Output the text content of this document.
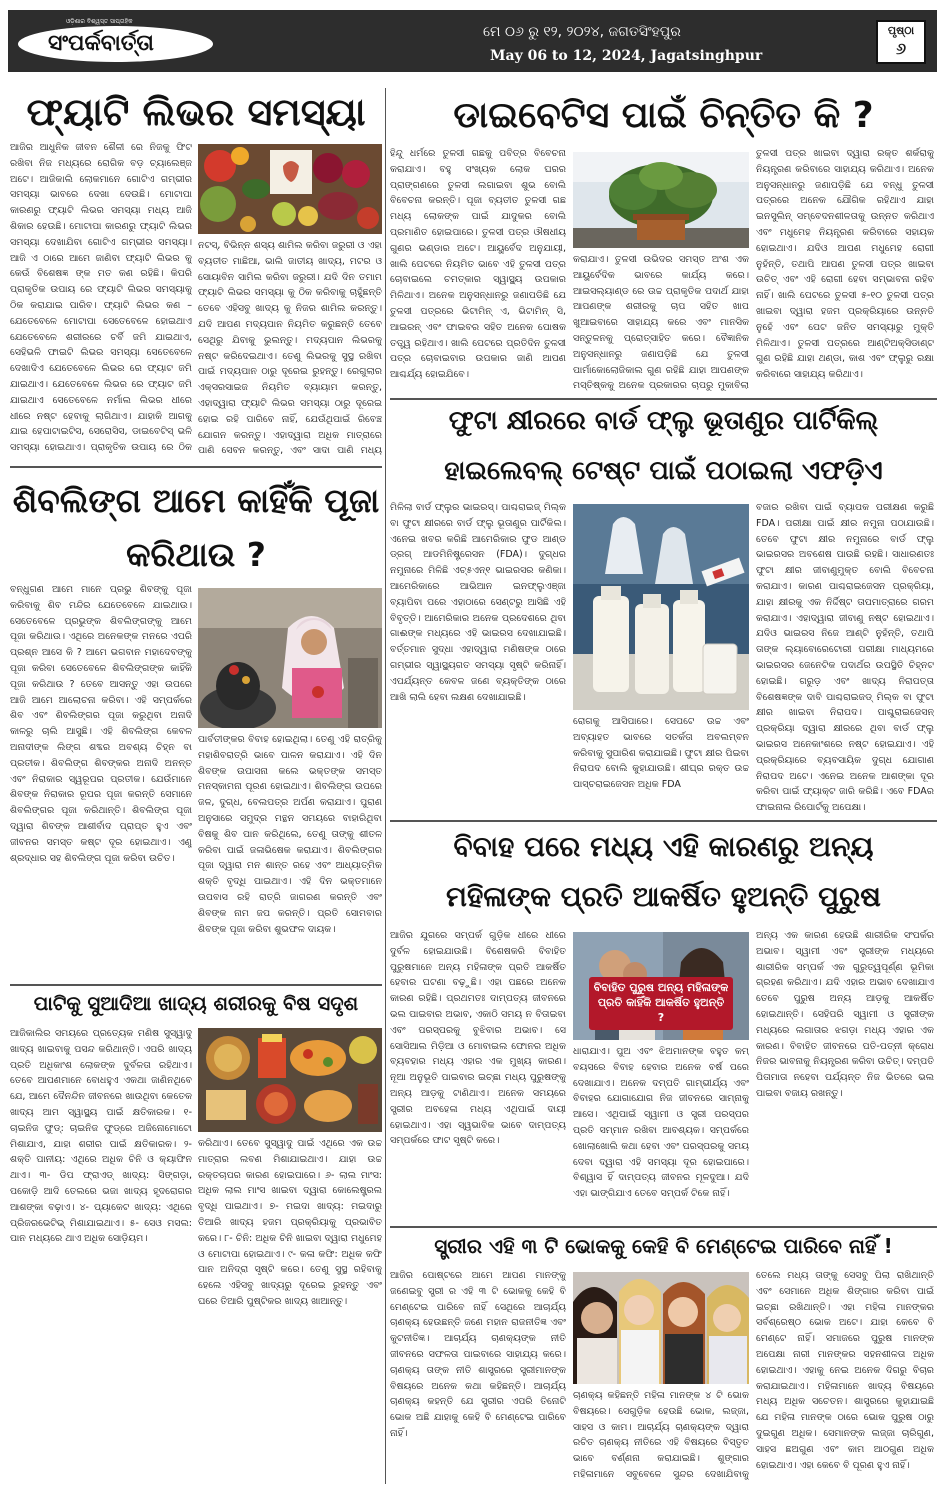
ଓଡ଼ିଶାର ବିଶ୍ୱସ୍ତ ସାପ୍ତାହିକ
ସଂପର୍କବାର୍ତ୍ତା	ମେ ୦୬ ରୁ ୧୨, ୨୦୨୪, ଜଗତସିଂହପୁର
May 06 to 12, 2024, Jagatsinghpur
ପୃଷ୍ଠା
୬
ଫ୍ୟାଟି ଲିଭର ସମସ୍ୟା
ଆଜିର ଆଧୁନିକ ଜୀବନ ଶୈଳୀ ରେ ନିଜକୁ ଫିଟ ରଖିବା ନିଜ ମଧ୍ୟରେ ରୋଗିକ ବଡ଼ ଚ୍ୟାଲେଞ୍ଜ ଅଟେ। ଆଜିକାଲି ଲୋକମାନେ ଗୋଟିଏ ଗମ୍ଭୀର ସମସ୍ୟା ଭାବରେ ଦେଖା ଦେଉଛି। ମୋଟାପା କାରଣରୁ ଫ୍ୟାଟି ଲିଭର ସମସ୍ୟା ମଧ୍ୟ ଆଜି ଶିକାର ହେଉଛି। ମୋଟାପା କାରଣରୁ ଫ୍ୟାଟି ଲିଭର ସମସ୍ୟା ଦେଖାଯିବା ଗୋଟିଏ ଗମ୍ଭୀର ସମସ୍ୟା। ଆଜି ଏ ଠାରେ ଆମେ ଜାଣିବା ଫ୍ୟାଟି ଲିଭର କୁ କେଉଁ ବିଶେଷଜ୍ଞ ଙ୍କ ମତ କଣ ରହିଛି। କିପରି ପ୍ରାକୃତିକ ଉପାୟ ରେ ଫ୍ୟାଟି ଲିଭର ସମସ୍ୟାକୁ ଠିକ କରାଯାଇ ପାରିବ। ଫ୍ୟାଟି ଲିଭର କଣ –ଯେତେବେଳେ ମୋଟାପା ସେତେବେଳେ ହୋଇଥାଏ ଯେତେବେଳେ ଶରୀରରେ ଚର୍ବି ଜମି ଯାଇଥାଏ, ସେହିଭଳି ଫାଇଟି ଲିଭର ସମସ୍ୟା ସେତେବେଳେ ଦେଖାଦିଏ ଯେତେବେଳେ ଲିଭର ରେ ଫ୍ୟାଟ ଜମି ଯାଇଥାଏ। ଯେତେବେଳେ ଲିଭର ରେ ଫ୍ୟାଟ ଜମି ଯାଇଥାଏ ସେତେବେଳେ ନର୍ମାଲ ଲିଭର ଧୀରେ ଧୀରେ ନଷ୍ଟ ହେବାକୁ ଲାଗିଥାଏ। ଯାହାକି ଆଗକୁ ଯାଇ ହେପାଟାଇଟିସ, ସେରୋସିସ, ଡାଇବେଟିସ୍ ଭଳି ସମସ୍ୟା ହୋଇଥାଏ। ପ୍ରାକୃତିକ ଉପାୟ ରେ ଠିକ
ନଟସ୍, ବିଭିନ୍ନ ଶସ୍ୟ ଶାମିଲ କରିବା ଜରୁରୀ ଓ ଏହା ବ୍ୟତୀତ ମାଛିଆ, ଭାଲି ଜାତୀୟ ଖାଦ୍ୟ, ମଟର ଓ ସୋୟାବିନ ସାମିଲ କରିବା ଜରୁରୀ। ଯଦି ଦିନ ତମାମ ଫ୍ୟାଟି ଲିଭର ସମସ୍ୟା କୁ ଠିକ କରିବାକୁ ଚାହୁଁଛନ୍ତି ତେବେ ଏହିସବୁ ଖାଦ୍ୟ କୁ ନିଜର ଶାମିଲ କରନ୍ତୁ। ଯଦି ଆପଣ ମଦ୍ୟପାନ ନିୟମିତ କରୁଛନ୍ତି ତେବେ ସେଥିରୁ ଯିବାକୁ ଭୁଲନ୍ତୁ। ମଦ୍ୟପାନ ଲିଭରକୁ ନଷ୍ଟ କରିଦେଇଥାଏ। ତେଣୁ ଲିଭରକୁ ସୁସ୍ଥ ରଖିବା ପାଇଁ ମଦ୍ୟପାନ ଠାରୁ ଦୂରେଇ ରୁହନ୍ତୁ। ରେଗୁଲାର ଏକ୍ସରସାଇଜ ନିୟମିତ ବ୍ୟାୟାମ କରନ୍ତୁ, ଏହାଦ୍ୱାରା ଫ୍ୟାଟି ଲିଭର ସମସ୍ୟା ଠାରୁ ଦୂରେଇ ହୋଇ ରହି ପାରିବେ ନାହିଁ, ଯେଉଁଥିପାଇଁ ରିବେଞ୍ଚ ଯୋଗନ କରନ୍ତୁ। ଏହାଦ୍ୱାରା ଅଧିକ ମାତ୍ରାରେ ପାଣି ସେବନ କରନ୍ତୁ, ଏବଂ ସାଦା ପାଣି ମଧ୍ୟ
ଶିବଲିଙ୍ଗ ଆମେ କାହିଁକି ପୂଜା କରିଥାଉ ?
ବନ୍ଧୁଗଣ ଆମେ ମାନେ ପ୍ରଭୁ ଶିବଙ୍କୁ ପୂଜା କରିବାକୁ ଶିବ ମନ୍ଦିର ଯେତେବେଳେ ଯାଇଥାଉ। ସେତେବେଳେ ପ୍ରଭୁଙ୍କ ଶିବଲିଙ୍ଗଙ୍କୁ ଆମେ ପୂଜା କରିଥାଉ। ଏଥିରେ ଅନେକଙ୍କ ମନରେ ଏପରି ପ୍ରଶ୍ନ ଆସେ କି ? ଆମେ ଭଗବାନ ମହାଦେବଙ୍କୁ ପୂଜା କରିବା ସେତେବେଳେ ଶିବଲିଙ୍ଗଙ୍କ କାହିଁକି ପୂଜା କରିଥାଉ ? ତେବେ ଆସନ୍ତୁ ଏହା ଉପରେ ଆଜି ଆମେ ଆଲୋଚନା କରିବା। ଏହି ସମ୍ପର୍କରେ ଶିବ ଏବଂ ଶିବଲିଙ୍ଗର ପୂଜା କରୁଥିବା ଅନାଦି କାଳରୁ ଚାଲି ଆସୁଛି। ଏହି ଶିବଲିଙ୍ଗ କେବଳ ଅନାଦୀଙ୍କ ଲିଙ୍ଗ ଶବ୍ଦର ଅବଶ୍ୟ ଚିହ୍ନ ବା ପ୍ରତୀକ। ଶିବଲିଙ୍ଗ ଶିବଙ୍କର ଅନାଦି ଅନନ୍ତ ଏବଂ ନିରାକାର ସ୍ୱରୂପର ପ୍ରତୀକ। ଯେଉଁମାନେ ଶିବଙ୍କ ନିରାକାର ରୂପର ପୂଜା କରନ୍ତି ସେମାନେ ଶିବଲିଙ୍ଗର ପୂଜା କରିଥାନ୍ତି। ଶିବଲିଙ୍ଗ ପୂଜା ଦ୍ୱାରା ଶିବଙ୍କ ଆଶୀର୍ବାଦ ପ୍ରାପ୍ତ ହୁଏ ଏବଂ ଜୀବନର ସମସ୍ତ କଷ୍ଟ ଦୂର ହୋଇଥାଏ। ଏଣୁ ଶ୍ରଦ୍ଧାର ସହ ଶିବଲିଙ୍ଗ ପୂଜା କରିବା ଉଚିତ।
ପାର୍ବତୀଙ୍କର ବିବାହ ହୋଇଥିଲା। ତେଣୁ ଏହି ରାତ୍ରିକୁ ମହାଶିବରାତ୍ରି ଭାବେ ପାଳନ କରାଯାଏ। ଏହି ଦିନ ଶିବଙ୍କ ଉପାସନା କଲେ ଭକ୍ତଙ୍କ ସମସ୍ତ ମନସ୍କାମନା ପୂରଣ ହୋଇଥାଏ। ଶିବଲିଙ୍ଗ ଉପରେ ଜଳ, ଦୁଗ୍ଧ, ବେଲପତ୍ର ଅର୍ପଣ କରାଯାଏ। ପୁରାଣ ଅନୁସାରେ ସମୁଦ୍ର ମନ୍ଥନ ସମୟରେ ବାହାରିଥିବା ବିଷକୁ ଶିବ ପାନ କରିଥିଲେ, ତେଣୁ ତାଙ୍କୁ ଶୀତଳ କରିବା ପାଇଁ ଜଳାଭିଷେକ କରାଯାଏ। ଶିବଲିଙ୍ଗର ପୂଜା ଦ୍ୱାରା ମନ ଶାନ୍ତ ରହେ ଏବଂ ଆଧ୍ୟାତ୍ମିକ ଶକ୍ତି ବୃଦ୍ଧି ପାଇଥାଏ। ଏହି ଦିନ ଭକ୍ତମାନେ ଉପବାସ ରହି ରାତ୍ରି ଜାଗରଣ କରନ୍ତି ଏବଂ ଶିବଙ୍କ ନାମ ଜପ କରନ୍ତି। ପ୍ରତି ସୋମବାର ଶିବଙ୍କ ପୂଜା କରିବା ଶୁଭଫଳ ଦାୟକ।
ପାଟିକୁ ସୁଆଦିଆ ଖାଦ୍ୟ ଶରୀରକୁ ବିଷ ସଦୃଶ
ଆଜିକାଲିର ସମୟରେ ପ୍ରତ୍ୟେକ ମଣିଷ ସୁସ୍ୱାଦୁ ଖାଦ୍ୟ ଖାଇବାକୁ ପସନ୍ଦ କରିଥାନ୍ତି। ଏପରି ଖାଦ୍ୟ ପ୍ରତି ଅଧିକାଂଶ ଲୋକଙ୍କ ଦୁର୍ବଳତା ରହିଥାଏ। ତେବେ ଆପଣମାନେ ବୋଧହୁଏ ଏକଥା ଜାଣିନଥିବେ ଯେ, ଆମେ ଦୈନନ୍ଦିନ ଜୀବନରେ ଖାଉଥିବା କେତେକ ଖାଦ୍ୟ ଆମ ସ୍ୱାସ୍ଥ୍ୟ ପାଇଁ କ୍ଷତିକାରକ। ୧- ଚାଇନିଜ ଫୁଡ୍: ଚାଇନିଜ ଫୁଡ୍ରେ ଅଜିନୋମୋଟୋ ମିଶାଯାଏ, ଯାହା ଶରୀର ପାଇଁ କ୍ଷତିକାରକ। ୨- ଶକ୍ତି ପାନୀୟ: ଏଥିରେ ଅଧିକ ଚିନି ଓ କ୍ୟାଫିନ ଥାଏ। ୩- ଡିପ ଫ୍ରାଏଡ୍ ଖାଦ୍ୟ: ସିଙ୍ଗଡ଼ା, ପକୋଡ଼ି ଆଦି ତେଲରେ ଭଜା ଖାଦ୍ୟ ହୃଦରୋଗର ଆଶଙ୍କା ବଢ଼ାଏ। ୪- ପ୍ୟାକେଟ ଖାଦ୍ୟ: ଏଥିରେ ପ୍ରିଜରଭେଟିଭ୍ ମିଶାଯାଇଥାଏ। ୫- ସେଓ ମସଲ: ପାନ ମଧ୍ୟରେ ଥାଏ ଅଧିକ ସୋଡ଼ିୟମ।
କରିଥାଏ। ତେବେ ସୁସ୍ୱାଦୁ ପାଇଁ ଏଥିରେ ଏକ ଉଚ୍ଚ ମାତ୍ରାର ଲବଣ ମିଶାଯାଇଥାଏ। ଯାହା ଉଚ୍ଚ ରକ୍ତଚାପର କାରଣ ହୋଇପାରେ। ୬- ଲାଲ ମାଂସ: ଅଧିକ ଲାଲ ମାଂସ ଖାଇବା ଦ୍ୱାରା କୋଲେଷ୍ଟ୍ରଲ ବୃଦ୍ଧି ପାଇଥାଏ। ୭- ମଇଦା ଖାଦ୍ୟ: ମଇଦାରୁ ତିଆରି ଖାଦ୍ୟ ହଜମ ପ୍ରକ୍ରିୟାକୁ ପ୍ରଭାବିତ କରେ। ୮- ଚିନି: ଅଧିକ ଚିନି ଖାଇବା ଦ୍ୱାରା ମଧୁମେହ ଓ ମୋଟାପା ହୋଇଥାଏ। ୯- କଳା କଫି: ଅଧିକ କଫି ପାନ ଅନିଦ୍ରା ସୃଷ୍ଟି କରେ। ତେଣୁ ସୁସ୍ଥ ରହିବାକୁ ହେଲେ ଏହିସବୁ ଖାଦ୍ୟରୁ ଦୂରେଇ ରୁହନ୍ତୁ ଏବଂ ଘରେ ତିଆରି ପୁଷ୍ଟିକର ଖାଦ୍ୟ ଖାଆନ୍ତୁ।
ଡାଇବେଟିସ ପାଇଁ ଚିନ୍ତିତ କି ?
ହିନ୍ଦୁ ଧର୍ମରେ ତୁଳସୀ ଗଛକୁ ପବିତ୍ର ବିବେଚନା କରାଯାଏ। ବହୁ ସଂଖ୍ୟକ ଲୋକ ଘରର ପ୍ରାଙ୍ଗଣରେ ତୁଳସୀ ଲଗାଇବା ଶୁଭ ବୋଲି ବିବେଚନା କରନ୍ତି। ପୂଜା ବ୍ୟତୀତ ତୁଳସୀ ଗଛ ମଧ୍ୟ ଲୋକଙ୍କ ପାଇଁ ଯାଦୁକର ବୋଲି ପ୍ରମାଣିତ ହୋଇପାରେ। ତୁଳସୀ ପତ୍ର ଔଷଧୀୟ ଗୁଣର ଭଣ୍ଡାର ଅଟେ। ଆୟୁର୍ବେଦ ଅନୁଯାୟୀ, ଖାଲି ପେଟରେ ନିୟମିତ ଭାବେ ଏହି ତୁଳସୀ ପତ୍ର ଚୋବାଇଲେ ଚମତ୍କାର ସ୍ୱାସ୍ଥ୍ୟ ଉପକାର ମିଳିଥାଏ। ଅନେକ ଅନୁସନ୍ଧାନରୁ ଜଣାପଡିଛି ଯେ ତୁଳସୀ ପତ୍ରରେ ଭିଟାମିନ୍ ଏ, ଭିଟାମିନ୍ ସି, ଆଇରନ୍ ଏବଂ ଫାଇବର ସହିତ ଅନେକ ପୋଷକ ତତ୍ତ୍ୱ ରହିଥାଏ। ଖାଲି ପେଟରେ ପ୍ରତିଦିନ ତୁଳସୀ ପତ୍ର ଚୋବାଇବାର ଉପକାର ଜାଣି ଆପଣ ଆଶ୍ଚର୍ଯ୍ୟ ହୋଇଯିବେ।
କରାଯାଏ। ତୁଳସୀ ଉଭିଦର ସମସ୍ତ ଅଂଶ ଏକ ଆୟୁର୍ବେଦିକ ଭାବରେ କାର୍ଯ୍ୟ କରେ। ଆଇସଲ୍ୟାଣ୍ଡ ରେ ଉଚ୍ଚ ପ୍ରାକୃତିକ ପଦାର୍ଥ ଯାହା ଆପଣଙ୍କ ଶରୀରକୁ ଚାପ ସହିତ ଖାପ ଖୁଆଇବାରେ ସାହାଯ୍ୟ କରେ ଏବଂ ମାନସିକ ସନ୍ତୁଳନକୁ ପ୍ରୋତ୍ସାହିତ କରେ। ବୈଜ୍ଞାନିକ ଅନୁସନ୍ଧାନରୁ ଜଣାପଡ଼ିଛି ଯେ ତୁଳସୀ ପାର୍ମାକୋଲୋଜିକାଲ ଗୁଣ ରହିଛି ଯାହା ଆପଣଙ୍କ ମସ୍ତିଷ୍କକୁ ଅନେକ ପ୍ରକାରର ଚାପରୁ ମୁକାବିଲା
ତୁଳସୀ ପତ୍ର ଖାଇବା ଦ୍ୱାରା ରକ୍ତ ଶର୍କରାକୁ ନିୟନ୍ତ୍ରଣ କରିବାରେ ସାହାଯ୍ୟ କରିଥାଏ। ଅନେକ ଅନୁସନ୍ଧାନରୁ ଜଣାପଡ଼ିଛି ଯେ ବନ୍ଧୁ ତୁଳସୀ ପତ୍ରରେ ଅନେକ ଯୌଗିକ ରହିଥାଏ ଯାହା ଇନସୁଲିନ୍ ସମ୍ବେଦନଶୀଳତାକୁ ଉନ୍ନତ କରିଥାଏ ଏବଂ ମଧୁମେହ ନିୟନ୍ତ୍ରଣ କରିବାରେ ସହାୟକ ହୋଇଥାଏ। ଯଦିଓ ଆପଣ ମଧୁମେହ ରୋଗୀ ନୁହଁନ୍ତି, ତଥାପି ଆପଣ ତୁଳସୀ ପତ୍ର ଖାଇବା ଉଚିତ୍ ଏବଂ ଏହି ରୋଗୀ ହେବା ସମ୍ଭାବନା ରହିବ ନାହିଁ। ଖାଲି ପେଟରେ ତୁଳସୀ ୫-୧୦ ତୁଳସୀ ପତ୍ର ଖାଇବା ଦ୍ୱାରା ହଜମ ପ୍ରକ୍ରିୟାରେ ଉନ୍ନତି ନୁହେଁ ଏବଂ ପେଟ ଜନିତ ସମସ୍ୟାରୁ ମୁକ୍ତି ମିଳିଥାଏ। ତୁଳସୀ ପତ୍ରରେ ଆଣ୍ଟିଅକ୍ସିଡାଣ୍ଟ ଗୁଣ ରହିଛି ଯାହା ଥଣ୍ଡା, କାଶ ଏବଂ ଫ୍ଲୁରୁ ରକ୍ଷା କରିବାରେ ସାହାଯ୍ୟ କରିଥାଏ।
ଫୁଟା କ୍ଷୀରରେ ବାର୍ଡ ଫ୍ଲୁ ଭୂତାଣୁର ପାର୍ଟିକିଲ୍
ହାଇଲେବଲ୍ ଟେଷ୍ଟ ପାଇଁ ପଠାଇଲା ଏଫଡ଼ିଏ
ମିଳିଲା ବାର୍ଡ ଫ୍ଲୁର ଭାଇରସ୍। ପାଶ୍ଚରାଇଜ୍ ମିଲ୍କ ବା ଫୁଟା କ୍ଷୀରରେ ବାର୍ଡ ଫ୍ଲୁ ଭୂତାଣୁର ପାର୍ଟିକିଲ। ଏନେଇ ଖବର କରିଛି ଆମେରିକାର ଫୁଡ ଆଣ୍ଡ ଡ୍ରଗ୍ ଆଡମିନିଷ୍ଟ୍ରେସନ (FDA)। ଦୁଗ୍ଧର ନମୁନାରେ ମିଳିଛି ଏଚ୍୫ଏନ୍୧ ଭାଇରସର କଣିକା। ଆମେରିକାରେ ଆଭିଆନ ଇନଫ୍ଲୁଏଞ୍ଜା ବ୍ୟାପିବା ପରେ ଏହାଠାରେ ସେଣ୍ଟରୁ ଆସିଛି ଏହି ବିବୃତ୍ତି। ଆମେରିକାର ଅନେକ ପ୍ରଦେଶରେ ଥିବା ଗାଈଙ୍କ ମଧ୍ୟରେ ଏହି ଭାଇରସ ଦେଖାଯାଇଛି। ବର୍ତ୍ତମାନ ସୁଦ୍ଧା ଏହାଦ୍ୱାରା ମଣିଷଙ୍କ ଠାରେ ଗମ୍ଭୀର ସ୍ୱାସ୍ଥ୍ୟଗତ ସମସ୍ୟା ସୃଷ୍ଟି କରିନାହିଁ। ଏପର୍ଯ୍ୟନ୍ତ କେବଳ ଜଣେ ବ୍ୟକ୍ତିଙ୍କ ଠାରେ ଆଖି ଲାଲି ହେବା ଲକ୍ଷଣ ଦେଖାଯାଇଛି।
ରୋଗକୁ ଆସିପାରେ। ସେପଟେ ଉଚ୍ଚ ଏବଂ ଅବ୍ୟାହତ ଭାବରେ ସତର୍କତା ଅବଲମ୍ବନ କରିବାକୁ ସୁପାରିଶ କରାଯାଇଛି। ଫୁଟା କ୍ଷୀର ପିଇବା ନିରାପଦ ବୋଲି କୁହାଯାଉଛି। ଶୀଘ୍ର ରକ୍ତ ଉଚ୍ଚ ପାସ୍ଚରାଇଜେସନ ଅଧିକ FDA
ବଜାର ରଖିବା ପାଇଁ ବ୍ୟାପକ ପରୀକ୍ଷଣ କରୁଛି FDA। ପରୀକ୍ଷା ପାଇଁ କ୍ଷୀର ନମୁନା ପଠାଯାଉଛି। ତେବେ ଫୁଟା କ୍ଷୀର ନମୁନାରେ ବାର୍ଡ ଫ୍ଲୁ ଭାଇରସର ଅବଶେଷ ପାଉଛି ରହଛି। ସାଧାରଣତଃ ଫୁଟା କ୍ଷୀର ଜୀବାଣୁମୁକ୍ତ ବୋଲି ବିବେଚନା କରାଯାଏ। କାରଣ ପାଶ୍ଚରାଇଜେସନ ପ୍ରକ୍ରିୟା, ଯାହା କ୍ଷୀରକୁ ଏକ ନିର୍ଦ୍ଦିଷ୍ଟ ତାପମାତ୍ରାରେ ଗରମ କରାଯାଏ। ଏହାଦ୍ୱାରା ଜୀବାଣୁ ନଷ୍ଟ ହୋଇଥାଏ। ଯଦିଓ ଭାଇରସ ନିଜେ ଆଣ୍ଟି ନୁହଁନ୍ତି, ତଥାପି ତାଙ୍କ ଲ୍ୟାବୋରେଟୋରୀ ପରୀକ୍ଷା ମାଧ୍ୟମରେ ଭାଇରସର ଜେନେଟିକ ପଦାର୍ଥର ଉପସ୍ଥିତି ଚିହ୍ନଟ ହୋଇଛି। ଗରୁଡ଼ ଏବଂ ଖାଦ୍ୟ ନିରାପତ୍ତା ବିଶେଷଜ୍ଞଙ୍କ ଦାବି ପାଶ୍ଚରାଇଜଡ୍ ମିଲ୍କ ବା ଫୁଟା କ୍ଷୀର ଖାଇବା ନିରାପଦ। ପାଶ୍ଚୁରାଇଜେସନ୍ ପ୍ରକ୍ରିୟା ଦ୍ୱାରା କ୍ଷୀରରେ ଥିବା ବାର୍ଡ ଫ୍ଲୁ ଭାଇରସ ଅନେକାଂଶରେ ନଷ୍ଟ ହୋଇଯାଏ। ଏହି ପ୍ରକ୍ରିୟାରେ ବ୍ୟବସାୟିକ ଦୁଗ୍ଧ ଯୋଗାଣ ନିରାପଦ ଅଟେ। ଏନେଇ ଅନେକ ଆଶଙ୍କା ଦୂର କରିବା ପାଇଁ ଫ୍ୟାକ୍ଟ ଜାରି କରିଛି। ଏବେ FDAର ଫାଇନାଲ ରିପୋର୍ଟକୁ ଅପେକ୍ଷା।
ବିବାହ ପରେ ମଧ୍ୟ ଏହି କାରଣରୁ ଅନ୍ୟ
ମହିଳାଙ୍କ ପ୍ରତି ଆକର୍ଷିତ ହୁଅନ୍ତି ପୁରୁଷ
ଆଜିର ଯୁଗରେ ସମ୍ପର୍କ ଗୁଡ଼ିକ ଧୀରେ ଧୀରେ ଦୁର୍ବଳ ହୋଇଯାଉଛି। ବିଶେଷକରି ବିବାହିତ ପୁରୁଷମାନେ ଅନ୍ୟ ମହିଳାଙ୍କ ପ୍ରତି ଆକର୍ଷିତ ହେବାର ଘଟଣା ବଢ଼ୁଛି। ଏହା ପଛରେ ଅନେକ କାରଣ ରହିଛି। ପ୍ରଥମତଃ ଦାମ୍ପତ୍ୟ ଜୀବନରେ ଭଲ ପାଇବାର ଅଭାବ, ଏକାଠି ସମୟ ନ ବିତାଇବା ଏବଂ ପରସ୍ପରକୁ ବୁଝିବାର ଅଭାବ। ସେ ସୋସିଆଲ ମିଡ଼ିଆ ଓ ମୋବାଇଲ ଫୋନର ଅଧିକ ବ୍ୟବହାର ମଧ୍ୟ ଏହାର ଏକ ମୁଖ୍ୟ କାରଣ। ନୂଆ ଅନୁଭୂତି ପାଇବାର ଇଚ୍ଛା ମଧ୍ୟ ପୁରୁଷଙ୍କୁ ଅନ୍ୟ ଆଡ଼କୁ ଟାଣିଥାଏ। ଅନେକ ସମୟରେ ସ୍ତ୍ରୀର ଅବହେଳା ମଧ୍ୟ ଏଥିପାଇଁ ଦାୟୀ ହୋଇଥାଏ। ଏହା ସ୍ୱଭାବିକ ଭାବେ ଦାମ୍ପତ୍ୟ ସମ୍ପର୍କରେ ଫାଟ ସୃଷ୍ଟି କରେ।
ବିବାହିତ ପୁରୁଷ ଅନ୍ୟ ମହିଳାଙ୍କ ପ୍ରତି କାହିଁକି ଆକର୍ଷିତ ହୁଅନ୍ତି ?
ଧାରାଯାଏ। ପୁଅ ଏବଂ ଝିଅମାନଙ୍କ ବହୁତ କମ୍ ବୟସରେ ବିବାହ ହେବାର ଅନେକ ବର୍ଷ ପରେ ଦେଖାଯାଏ। ଅନେକ ଦମ୍ପତି ଗାମ୍ଭୀର୍ଯ୍ୟ ଏବଂ ବିବାହର ଯୋଗାଯୋଗ ନିଜ ଜୀବନରେ ସାମ୍ନାକୁ ଆସେ। ଏଥିପାଇଁ ସ୍ୱାମୀ ଓ ସ୍ତ୍ରୀ ପରସ୍ପର ପ୍ରତି ସମ୍ମାନ ରଖିବା ଆବଶ୍ୟକ। ସମ୍ପର୍କରେ ଖୋଲାଖୋଲି କଥା ହେବା ଏବଂ ପରସ୍ପରକୁ ସମୟ ଦେବା ଦ୍ୱାରା ଏହି ସମସ୍ୟା ଦୂର ହୋଇପାରେ। ବିଶ୍ୱାସ ହିଁ ଦାମ୍ପତ୍ୟ ଜୀବନର ମୂଳଦୁଆ। ଯଦି ଏହା ଭାଙ୍ଗିଯାଏ ତେବେ ସମ୍ପର୍କ ଟିକେ ନାହିଁ।
ଅନ୍ୟ ଏକ କାରଣ ହେଉଛି ଶାରୀରିକ ସଂପର୍କର ଅଭାବ। ସ୍ୱାମୀ ଏବଂ ସ୍ତ୍ରୀଙ୍କ ମଧ୍ୟରେ ଶାରୀରିକ ସମ୍ପର୍କ ଏକ ଗୁରୁତ୍ୱପୂର୍ଣ୍ଣ ଭୂମିକା ଗ୍ରହଣ କରିଥାଏ। ଯଦି ଏହାର ଅଭାବ ଦେଖାଯାଏ ତେବେ ପୁରୁଷ ଅନ୍ୟ ଆଡ଼କୁ ଆକର୍ଷିତ ହୋଇଥାନ୍ତି। ସେହିପରି ସ୍ୱାମୀ ଓ ସ୍ତ୍ରୀଙ୍କ ମଧ୍ୟରେ ଲଗାତାର ଝଗଡ଼ା ମଧ୍ୟ ଏହାର ଏକ କାରଣ। ବିବାହିତ ଜୀବନରେ ପତି-ପତ୍ନୀ କ୍ରୋଧ ନିଜର ଭାବନାକୁ ନିୟନ୍ତ୍ରଣ କରିବା ଉଚିତ୍। ଦମ୍ପତି ପିତାମାତା ନହେବା ପର୍ଯ୍ୟନ୍ତ ନିଜ ଭିତରେ ଭଲ ପାଇବା ବଜାୟ ରଖନ୍ତୁ।
ସ୍ତ୍ରୀର ଏହି ୩ ଟି ଭୋକକୁ କେହି ବି ମେଣ୍ଟେଇ ପାରିବେ ନାହିଁ !
ଆଜିର ପୋଷ୍ଟରେ ଆମେ ଆପଣ ମାନଙ୍କୁ ଜଣେଇବୁ ସ୍ତ୍ରୀ ର ଏହି ୩ ଟି ଭୋକକୁ କେହି ବି ମେଣ୍ଟେଇ ପାରିବେ ନାହିଁ ସେଥିରେ ଆଚାର୍ଯ୍ୟ ଚାଣକ୍ୟ ହେଉଛନ୍ତି ଜଣେ ମହାନ ରାଜନୀତିଜ୍ଞ ଏବଂ କୁଟନୀତିଜ୍ଞ। ଆଚାର୍ଯ୍ୟ ଚାଣକ୍ୟଙ୍କ ନୀତି ଜୀବନରେ ସଫଳତା ପାଇବାରେ ସାହାଯ୍ୟ କରେ। ଚାଣକ୍ୟ ତାଙ୍କ ନୀତି ଶାସ୍ତ୍ରରେ ସ୍ତ୍ରୀମାନଙ୍କ ବିଷୟରେ ଅନେକ କଥା କହିଛନ୍ତି। ଆଚାର୍ଯ୍ୟ ଚାଣକ୍ୟ କହନ୍ତି ଯେ ସ୍ତ୍ରୀର ଏପରି ତିନୋଟି ଭୋକ ଅଛି ଯାହାକୁ କେହି ବି ମେଣ୍ଟେଇ ପାରିବେ ନାହିଁ।
ଚାଣକ୍ୟ କହିଛନ୍ତି ମହିଳା ମାନଙ୍କ ୪ ଟି ଭୋକ ବିଷୟରେ। ସେଗୁଡ଼ିକ ହେଉଛି ଭୋକ, ଲଜ୍ଜା, ସାହସ ଓ କାମ। ଆଚାର୍ଯ୍ୟ ଚାଣକ୍ୟଙ୍କ ଦ୍ୱାରା ରଚିତ ଚାଣକ୍ୟ ନୀତିରେ ଏହି ବିଷୟରେ ବିସ୍ତୃତ ଭାବେ ବର୍ଣ୍ଣନା କରାଯାଇଛି। ଶୁଙ୍ଗାର ମହିଳାମାନେ ସବୁବେଳେ ସୁନ୍ଦର ଦେଖାଯିବାକୁ
ତେଲେ ମଧ୍ୟ ତାଙ୍କୁ ସେସବୁ ପିଲା ରାଖିଥାନ୍ତି ଏବଂ ସେମାନେ ଅଧିକ ଶିଙ୍ଗାର କରିବା ପାଇଁ ଇଚ୍ଛା ରଖିଥାନ୍ତି। ଏହା ମହିଳା ମାନଙ୍କର ସର୍ବଶ୍ରେଷ୍ଠ ଭୋକ ଅଟେ। ଯାହା କେବେ ବି ମେଣ୍ଟେ ନାହିଁ। ସମାଜରେ ପୁରୁଷ ମାନଙ୍କ ଅପେକ୍ଷା ନାରୀ ମାନଙ୍କର ସହନଶୀଳତା ଅଧିକ ହୋଇଥାଏ। ଏହାକୁ ନେଇ ଅନେକ ଦିଗରୁ ବିଚାର କରାଯାଇଥାଏ। ମହିଳାମାନେ ଖାଦ୍ୟ ବିଷୟରେ ମଧ୍ୟ ଅଧିକ ସଚେତନ। ଶାସ୍ତ୍ରରେ କୁହାଯାଇଛି ଯେ ମହିଳା ମାନଙ୍କ ଠାରେ ଭୋକ ପୁରୁଷ ଠାରୁ ଦୁଇଗୁଣ ଅଧିକ। ସେମାନଙ୍କ ଲଜ୍ଜା ଚାରିଗୁଣ, ସାହସ ଛଅଗୁଣ ଏବଂ କାମ ଆଠଗୁଣ ଅଧିକ ହୋଇଥାଏ। ଏହା କେବେ ବି ପୂରଣ ହୁଏ ନାହିଁ।
